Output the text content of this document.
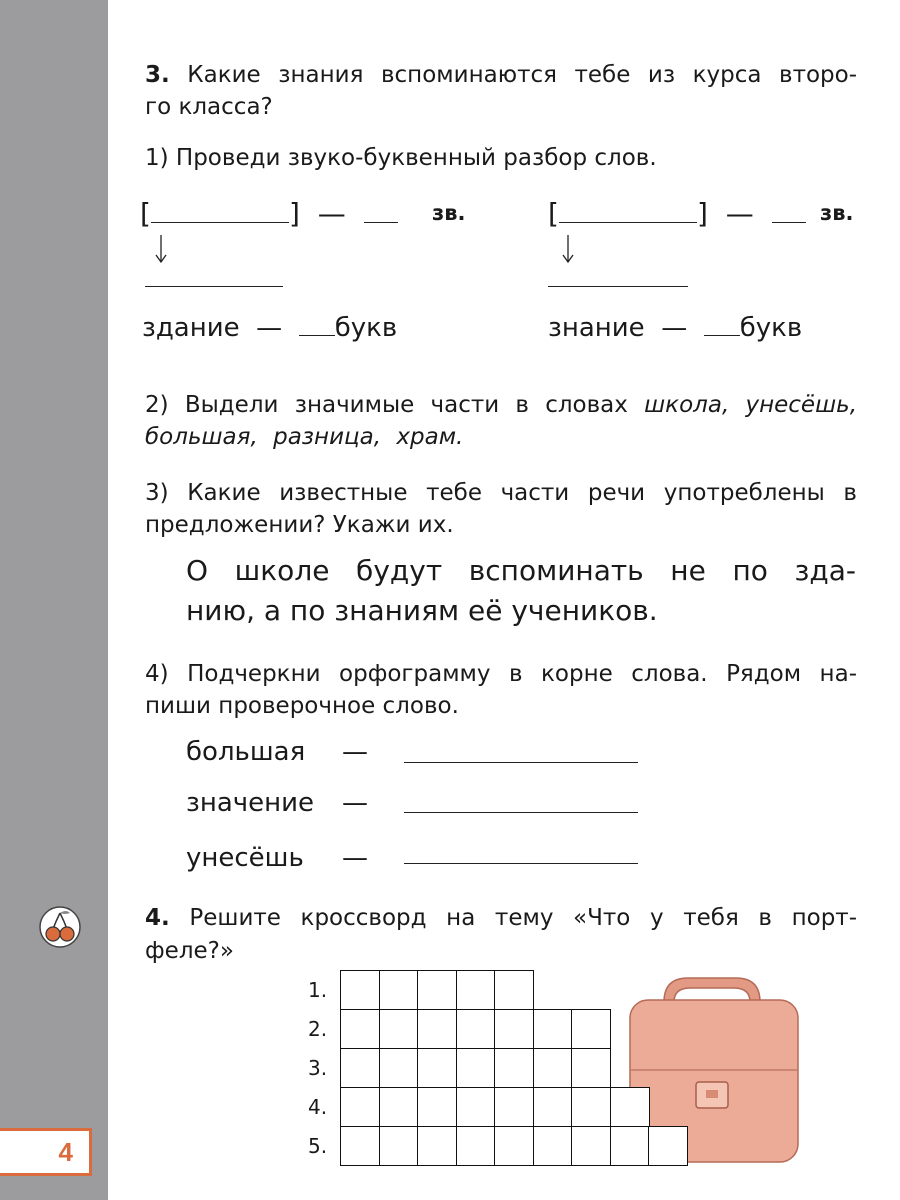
4
3. Какие знания вспоминаются тебе из курса второ-
го класса?
1) Проведи звуко-буквенный разбор слов.
[	] —	зв.	[	] —	зв.
здание — букв	знание — букв
2) Выдели значимые части в словах школа, унесёшь,
большая, разница, храм.
3) Какие известные тебе части речи употреблены в
предложении? Укажи их.
О школе будут вспоминать не по зда-
нию, а по знаниям её учеников.
4) Подчеркни орфограмму в корне слова. Рядом на-
пиши проверочное слово.
большая —
значение —
унесёшь —
4. Решите кроссворд на тему «Что у тебя в порт-
феле?»
1.
2.
3.
4.
5.
